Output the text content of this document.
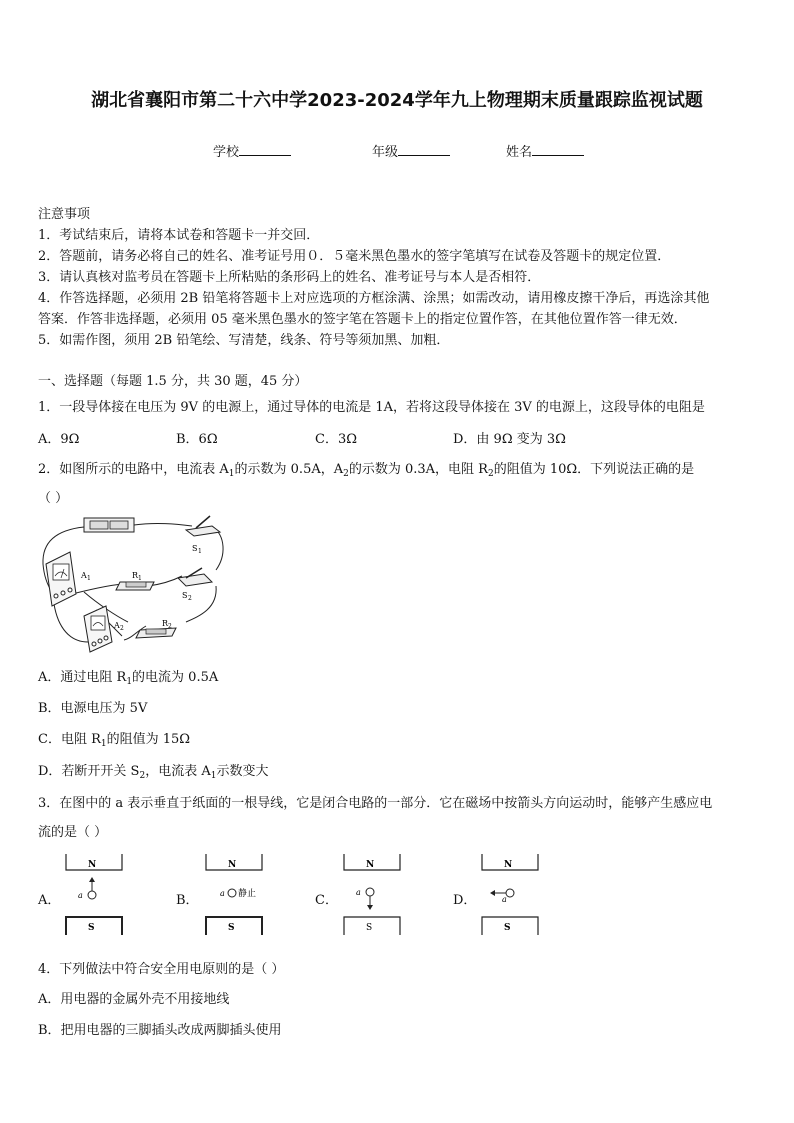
湖北省襄阳市第二十六中学2023-2024学年九上物理期末质量跟踪监视试题
学校	年级	姓名
注意事项
1．考试结束后，请将本试卷和答题卡一并交回．
2．答题前，请务必将自己的姓名、准考证号用０．５毫米黑色墨水的签字笔填写在试卷及答题卡的规定位置．
3．请认真核对监考员在答题卡上所粘贴的条形码上的姓名、准考证号与本人是否相符．
4．作答选择题，必须用 2B 铅笔将答题卡上对应选项的方框涂满、涂黑；如需改动，请用橡皮擦干净后，再选涂其他
答案．作答非选择题，必须用 05 毫米黑色墨水的签字笔在答题卡上的指定位置作答，在其他位置作答一律无效．
5．如需作图，须用 2B 铅笔绘、写清楚，线条、符号等须加黑、加粗．
一、选择题（每题 1.5 分，共 30 题，45 分）
1．一段导体接在电压为 9V 的电源上，通过导体的电流是 1A，若将这段导体接在 3V 的电源上，这段导体的电阻是
A．9Ω	B．6Ω	C．3Ω	D．由 9Ω 变为 3Ω
2．如图所示的电路中，电流表 $A_1$的示数为 0.5A，$A_2$的示数为 0.3A，电阻 $R_2$的阻值为 10Ω．下列说法正确的是
（ ）
S 1
A 1	R 1
S 2
A 2
R 2
A．通过电阻 $R_1$的电流为 0.5A
B．电源电压为 5V
C．电阻 $R_1$的阻值为 15Ω
D．若断开开关 $S_2$，电流表 $A_1$示数变大
3．在图中的 a 表示垂直于纸面的一根导线，它是闭合电路的一部分．它在磁场中按箭头方向运动时，能够产生感应电
流的是（ ）
A．
N
a
S
B．
N
a 静止
S
C．
N
a
S
D．
N
a
S
4．下列做法中符合安全用电原则的是（ ）
A．用电器的金属外壳不用接地线
B．把用电器的三脚插头改成两脚插头使用
